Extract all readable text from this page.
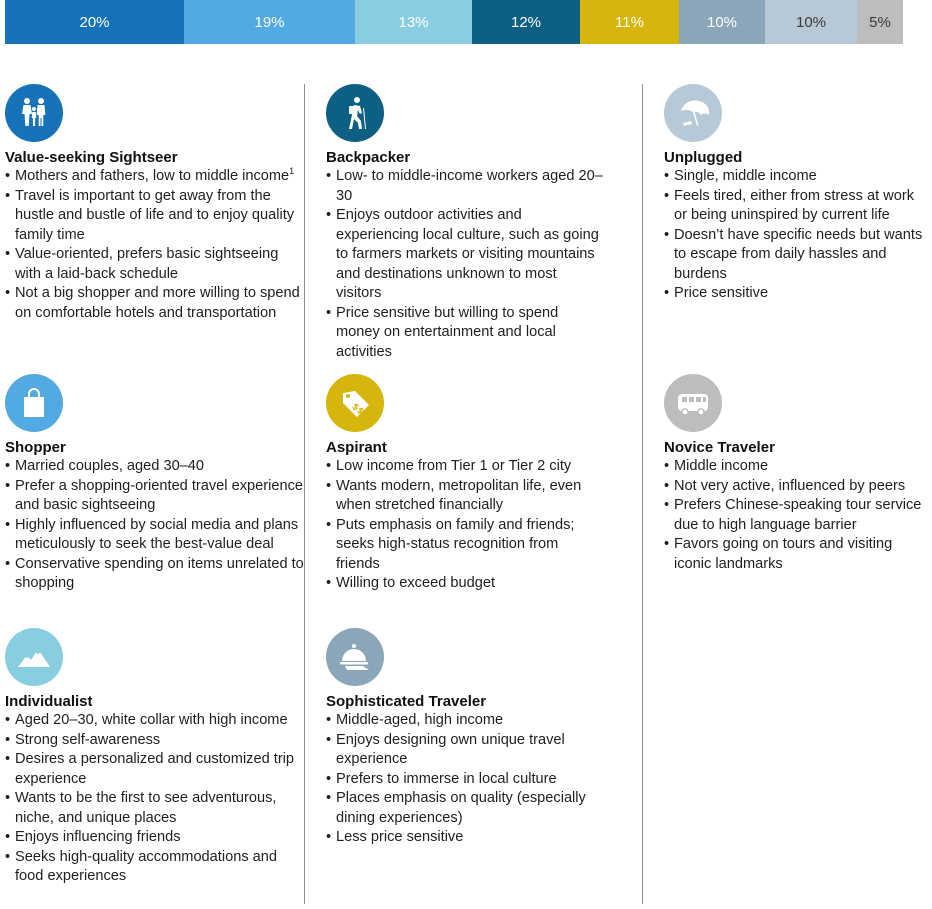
20%	19%	13%	12%	11%	10%	10%	5%
Value-seeking Sightseer
• Mothers and fathers, low to middle income$^1$
• Travel is important to get away from the hustle and bustle of life and to enjoy quality family time
• Value-oriented, prefers basic sightseeing with a laid-back schedule
• Not a big shopper and more willing to spend on comfortable hotels and transportation
Backpacker
• Low- to middle-income workers aged 20–30
• Enjoys outdoor activities and experiencing local culture, such as going to farmers markets or visiting mountains and destinations unknown to most visitors
• Price sensitive but willing to spend money on entertainment and local activities
Unplugged
• Single, middle income
• Feels tired, either from stress at work or being uninspired by current life
• Doesn’t have specific needs but wants to escape from daily hassles and burdens
• Price sensitive
Shopper
• Married couples, aged 30–40
• Prefer a shopping-oriented travel experience and basic sightseeing
• Highly influenced by social media and plans meticulously to seek the best-value deal
• Conservative spending on items unrelated to shopping
$$
Aspirant
• Low income from Tier 1 or Tier 2 city
• Wants modern, metropolitan life, even when stretched financially
• Puts emphasis on family and friends; seeks high-status recognition from friends
• Willing to exceed budget
Novice Traveler
• Middle income
• Not very active, influenced by peers
• Prefers Chinese-speaking tour service due to high language barrier
• Favors going on tours and visiting iconic landmarks
Individualist
• Aged 20–30, white collar with high income
• Strong self-awareness
• Desires a personalized and customized trip experience
• Wants to be the first to see adventurous, niche, and unique places
• Enjoys influencing friends
• Seeks high-quality accommodations and food experiences
Sophisticated Traveler
• Middle-aged, high income
• Enjoys designing own unique travel experience
• Prefers to immerse in local culture
• Places emphasis on quality (especially dining experiences)
• Less price sensitive
